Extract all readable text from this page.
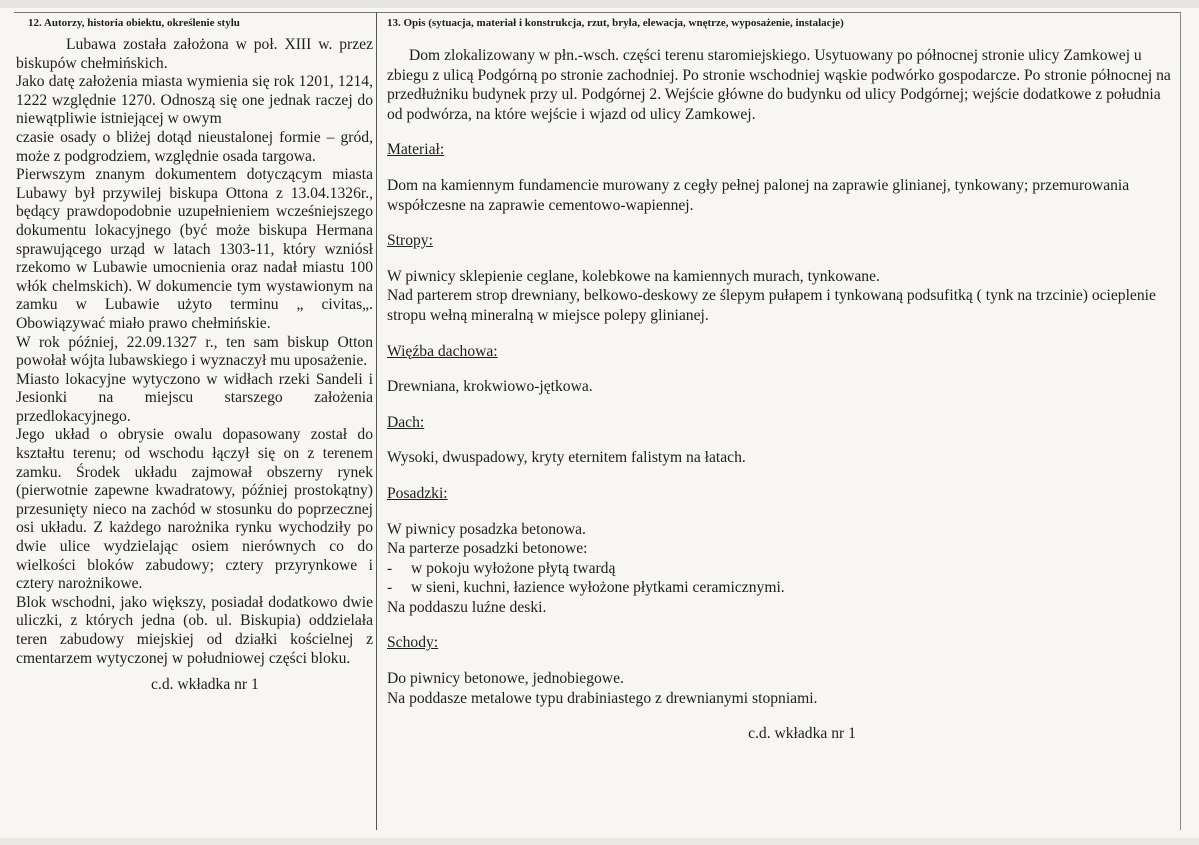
12. Autorzy, historia obiektu, określenie stylu

Lubawa została założona w poł. XIII w. przez biskupów chełmińskich.

Jako datę założenia miasta wymienia się rok 1201, 1214, 1222 względnie 1270. Odnoszą się one jednak raczej do niewątpliwie istniejącej w owym

czasie osady o bliżej dotąd nieustalonej formie – gród, może z podgrodziem, względnie osada targowa.

Pierwszym znanym dokumentem dotyczącym miasta Lubawy był przywilej biskupa Ottona z 13.04.1326r., będący prawdopodobnie uzupełnieniem wcześniejszego dokumentu lokacyjnego (być może biskupa Hermana sprawującego urząd w latach 1303-11, który wzniósł rzekomo w Lubawie umocnienia oraz nadał miastu 100 włók chelmskich). W dokumencie tym wystawionym na zamku w Lubawie użyto terminu „ civitas„. Obowiązywać miało prawo chełmińskie.

W rok później, 22.09.1327 r., ten sam biskup Otton powołał wójta lubawskiego i wyznaczył mu uposażenie.

Miasto lokacyjne wytyczono w widłach rzeki Sandeli i Jesionki na miejscu starszego założenia przedlokacyjnego.

Jego układ o obrysie owalu dopasowany został do kształtu terenu; od wschodu łączył się on z terenem zamku. Środek układu zajmował obszerny rynek (pierwotnie zapewne kwadratowy, później prostokątny) przesunięty nieco na zachód w stosunku do poprzecznej osi układu. Z każdego narożnika rynku wychodziły po dwie ulice wydzielając osiem nierównych co do wielkości bloków zabudowy; cztery przyrynkowe i cztery narożnikowe.

Blok wschodni, jako większy, posiadał dodatkowo dwie uliczki, z których jedna (ob. ul. Biskupia) oddzielała teren zabudowy miejskiej od działki kościelnej z cmentarzem wytyczonej w południowej części bloku.

c.d. wkładka nr 1

13. Opis (sytuacja, materiał i konstrukcja, rzut, bryła, elewacja, wnętrze, wyposażenie, instalacje)

Dom zlokalizowany w płn.-wsch. części terenu staromiejskiego. Usytuowany po północnej stronie ulicy Zamkowej u zbiegu z ulicą Podgórną po stronie zachodniej. Po stronie wschodniej wąskie podwórko gospodarcze. Po stronie północnej na przedłużniku budynek przy ul. Podgórnej 2. Wejście główne do budynku od ulicy Podgórnej; wejście dodatkowe z południa od podwórza, na które wejście i wjazd od ulicy Zamkowej.

Materiał:

Dom na kamiennym fundamencie murowany z cegły pełnej palonej na zaprawie glinianej, tynkowany; przemurowania współczesne na zaprawie cementowo-wapiennej.

Stropy:

W piwnicy sklepienie ceglane, kolebkowe na kamiennych murach, tynkowane.

Nad parterem strop drewniany, belkowo-deskowy ze ślepym pułapem i tynkowaną podsufitką ( tynk na trzcinie) ocieplenie stropu wełną mineralną w miejsce polepy glinianej.

Więźba dachowa:

Drewniana, krokwiowo-jętkowa.

Dach:

Wysoki, dwuspadowy, kryty eternitem falistym na łatach.

Posadzki:

W piwnicy posadzka betonowa.

Na parterze posadzki betonowe:

- w pokoju wyłożone płytą twardą

- w sieni, kuchni, łazience wyłożone płytkami ceramicznymi.

Na poddaszu luźne deski.

Schody:

Do piwnicy betonowe, jednobiegowe.

Na poddasze metalowe typu drabiniastego z drewnianymi stopniami.

c.d. wkładka nr 1
